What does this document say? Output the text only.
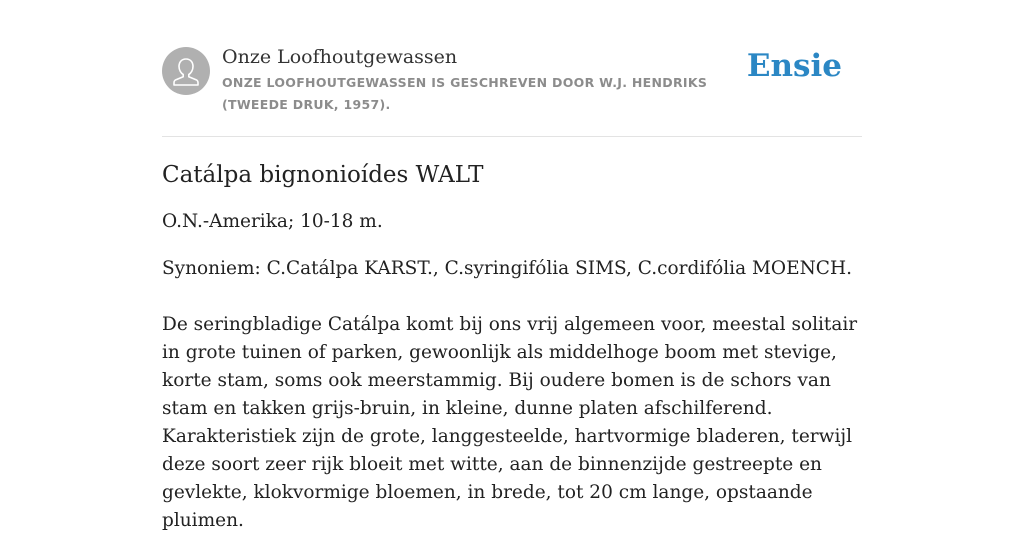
Onze Loofhoutgewassen
ONZE LOOFHOUTGEWASSEN IS GESCHREVEN DOOR W.J. HENDRIKS (TWEEDE DRUK, 1957).
Ensie
Catálpa bignonioídes WALT

O.N.-Amerika; 10-18 m.

Synoniem: C.Catálpa KARST., C.syringifólia SIMS, C.cordifólia MOENCH.

De seringbladige Catálpa komt bij ons vrij algemeen voor, meestal solitair in grote tuinen of parken, gewoonlijk als middelhoge boom met stevige, korte stam, soms ook meerstammig. Bij oudere bomen is de schors van stam en takken grijs-bruin, in kleine, dunne platen afschilferend. Karakteristiek zijn de grote, langgesteelde, hartvormige bladeren, terwijl deze soort zeer rijk bloeit met witte, aan de binnenzijde gestreepte en gevlekte, klokvormige bloemen, in brede, tot 20 cm lange, opstaande pluimen.
